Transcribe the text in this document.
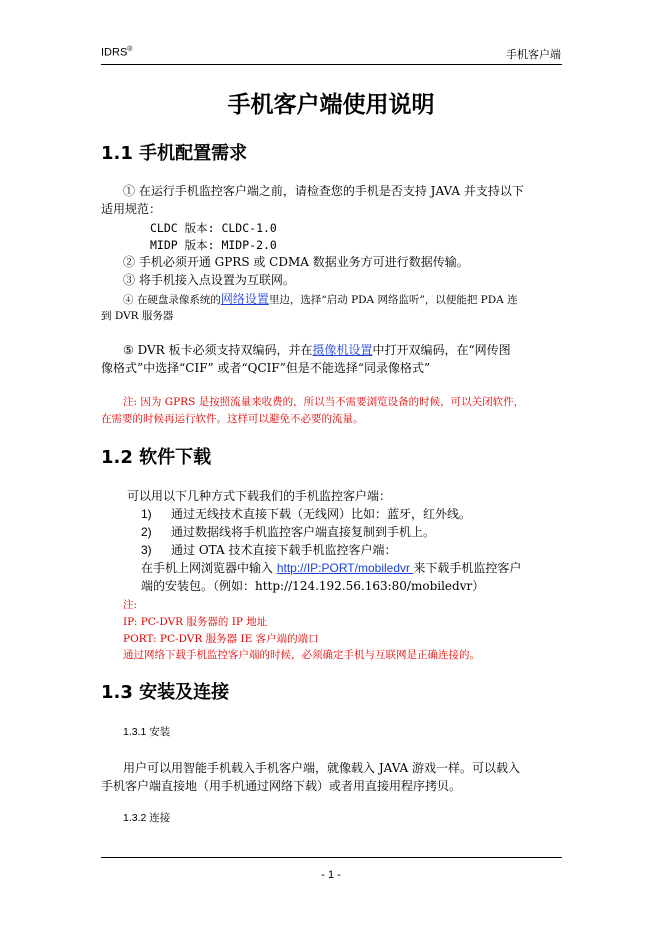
IDRS®	手机客户端
手机客户端使用说明
1.1 手机配置需求
① 在运行手机监控客户端之前，请检查您的手机是否支持 JAVA 并支持以下
适用规范：
CLDC 版本: CLDC-1.0
MIDP 版本: MIDP-2.0
② 手机必须开通 GPRS 或 CDMA 数据业务方可进行数据传输。
③ 将手机接入点设置为互联网。
④ 在硬盘录像系统的网络设置里边，选择“启动 PDA 网络监听”，以便能把 PDA 连
到 DVR 服务器
⑤ DVR 板卡必须支持双编码，并在摄像机设置中打开双编码，在“网传图
像格式”中选择“CIF” 或者“QCIF”但是不能选择“同录像格式”
注: 因为 GPRS 是按照流量来收费的，所以当不需要浏览设备的时候，可以关闭软件，
在需要的时候再运行软件。这样可以避免不必要的流量。
1.2 软件下载
可以用以下几种方式下载我们的手机监控客户端：
1) 通过无线技术直接下载（无线网）比如：蓝牙，红外线。
2) 通过数据线将手机监控客户端直接复制到手机上。
3) 通过 OTA 技术直接下载手机监控客户端：
在手机上网浏览器中输入 http://IP:PORT/mobiledvr 来下载手机监控客户
端的安装包。（例如：http://124.192.56.163:80/mobiledvr）
注:
IP: PC-DVR 服务器的 IP 地址
PORT: PC-DVR 服务器 IE 客户端的端口
通过网络下载手机监控客户端的时候，必须确定手机与互联网是正确连接的。
1.3 安装及连接
1.3.1 安装
用户可以用智能手机载入手机客户端，就像载入 JAVA 游戏一样。可以载入
手机客户端直接地（用手机通过网络下载）或者用直接用程序拷贝。
1.3.2 连接
- 1 -
